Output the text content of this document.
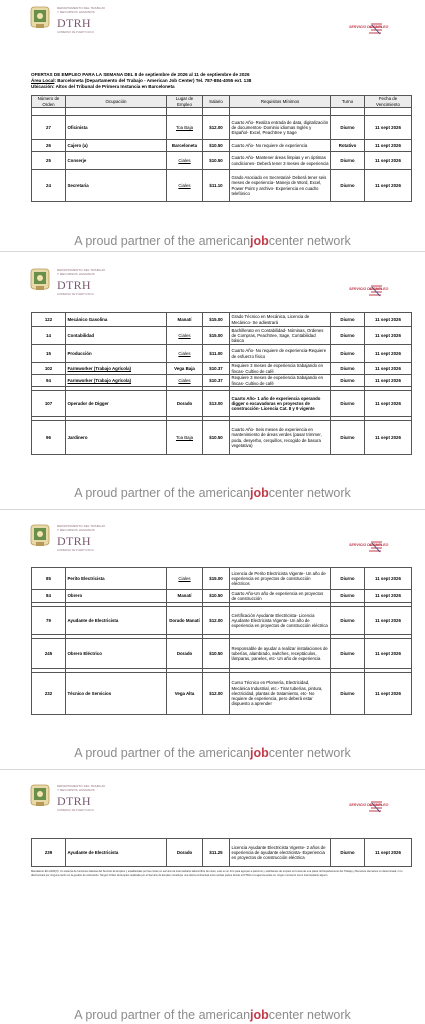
DEPARTAMENTO DEL TRABAJO
Y RECURSOS HUMANOS
DTRH
GOBIERNO DE PUERTO RICO
SERVICIO DE EMPLEO
OFERTAS DE EMPLEO PARA LA SEMANA DEL 8 de septiembre de 2026 al 11 de septiembre de 2026
Área Local: Barceloneta (Departamento del Trabajo - American Job Center) Tel. 787-884-4055 ext. 138
Ubicación: Altos del Tribunal de Primera Instancia en Barceloneta
Número de Orden	Ocupación	Lugar de Empleo	Salario	Requisitos Mínimos	Turno	Fecha de Vencimiento

27	Oficinista	Toa Baja	$12.00	Cuarto Año- Realiza entrada de data, digitalización de documentos- Dominio idiomas Inglés y Español- Excel, Peachtree y Sage	Diurno	11 sept 2026
26	Cajero (a)	Barceloneta	$10.50	Cuarto Año- No requiere de experiencia	Rotativo	11 sept 2026
25	Conserje	Ciales	$10.50	Cuarto Año- Mantener áreas limpias y en óptimas condiciones- Deberá tener 3 meses de experiencia	Diurno	11 sept 2026
24	Secretaria	Ciales	$11.10	Grado Asociado en Secretarial- Deberá tener seis meses de experiencia- Manejo de Word, Excel, Power Point y archivo- Experiencia en cuadro telefónico	Diurno	11 sept 2026
A proud partner of the americanjobcenter network
DEPARTAMENTO DEL TRABAJO
Y RECURSOS HUMANOS
DTRH
GOBIERNO DE PUERTO RICO
SERVICIO DE EMPLEO
122	Mecánico Gasolina	Manatí	$15.00	Grado Técnico en Mecánica, Licencia de Mecánico- Se adiestrará	Diurno	11 sept 2026
14	Contabilidad	Ciales	$15.00	Bachillerato en Contabilidad- Nóminas, Ordenes de Compras, Peachtree, Sage, Contabilidad básica	Diurno	11 sept 2026
15	Producción	Ciales	$11.00	Cuarto Año- No requiere de experiencia-Requiere de esfuerzo físico	Diurno	11 sept 2026
102	Farmworker (Trabajo Agrícola)	Vega Baja	$10.37	Requiere 3 meses de experiencia trabajando en fincas- Cultivo de café	Diurno	11 sept 2026
94	Farmworker (Trabajo Agrícola)	Ciales	$10.37	Requiere 3 meses de experiencia trabajando en fincas- Cultivo de café	Diurno	11 sept 2026

107	Operador de Digger	Dorado	$13.00	Cuarto Año- 1 año de experiencia operando digger o excavadoras en proyectos de construcción- Licencia Cat. 8 y 9 vigente	Diurno	11 sept 2026

96	Jardinero	Toa Baja	$10.50	Cuarto Año- Seis meses de experiencia en mantenimiento de áreas verdes (pasar trimmer, poda, desyerbo, cerquillos, recogido de basura vegetativa)	Diurno	11 sept 2026
A proud partner of the americanjobcenter network
DEPARTAMENTO DEL TRABAJO
Y RECURSOS HUMANOS
DTRH
GOBIERNO DE PUERTO RICO
SERVICIO DE EMPLEO
85	Perito Electricista	Ciales	$15.00	Licencia de Perito Electricista Vigente- Un año de experiencia en proyectos de construcción eléctricos	Diurno	11 sept 2026
84	Obrero	Manatí	$10.50	Cuarto Año-Un año de experiencia en proyectos de construcción	Diurno	11 sept 2026

79	Ayudante de Electricista	Dorado Manatí	$12.00	Certificación Ayudante Electricista- Licencia Ayudante Electricista Vigente- Un año de experiencia en proyectos de construcción eléctrica	Diurno	11 sept 2026

245	Obrero Eléctrico	Dorado	$10.50	Responsable de ayudar a realizar instalaciones de tuberías, alambrado, switches, receptáculos, lámparas, paneles, etc- Un año de experiencia	Diurno	11 sept 2026

232	Técnico de Servicios	Vega Alta	$12.00	Curso Técnico en Plomería, Electricidad, Mecánica Industrial, etc.- Tirar tuberías, pintura, electricidad, plantas de tratamiento, etc- No requiere de experiencia, pero deberá estar dispuesto a aprender	Diurno	11 sept 2026
A proud partner of the americanjobcenter network
DEPARTAMENTO DEL TRABAJO
Y RECURSOS HUMANOS
DTRH
GOBIERNO DE PUERTO RICO
SERVICIO DE EMPLEO
239	Ayudante de Electricista	Dorado	$11.25	Licencia Ayudante Electricista Vigente- 2 años de experiencia de ayudante electricista- Experiencia en proyectos de construcción eléctrica	Diurno	11 sept 2026
Mandatorio EO-2026(X): Un sistema de funciones básicas del Servicio de Empleo y establecidas por las cortes un servicio de intermediario laboral libre de costo, esto es un foro para agrupar a patronos y solicitantes de empleo en busca de una plaza. El Departamento del Trabajo y Recursos Humanos no determinará, ni lo discriminará por ninguna razón en la gestión de colocación. Ningún Orden de Empleo realizada por el Servicio de Empleo constituye una oferta contractual entre ambas partes donde el DTRH o la agencia actúe en ningún momento como intermediario alguno.
A proud partner of the americanjobcenter network
